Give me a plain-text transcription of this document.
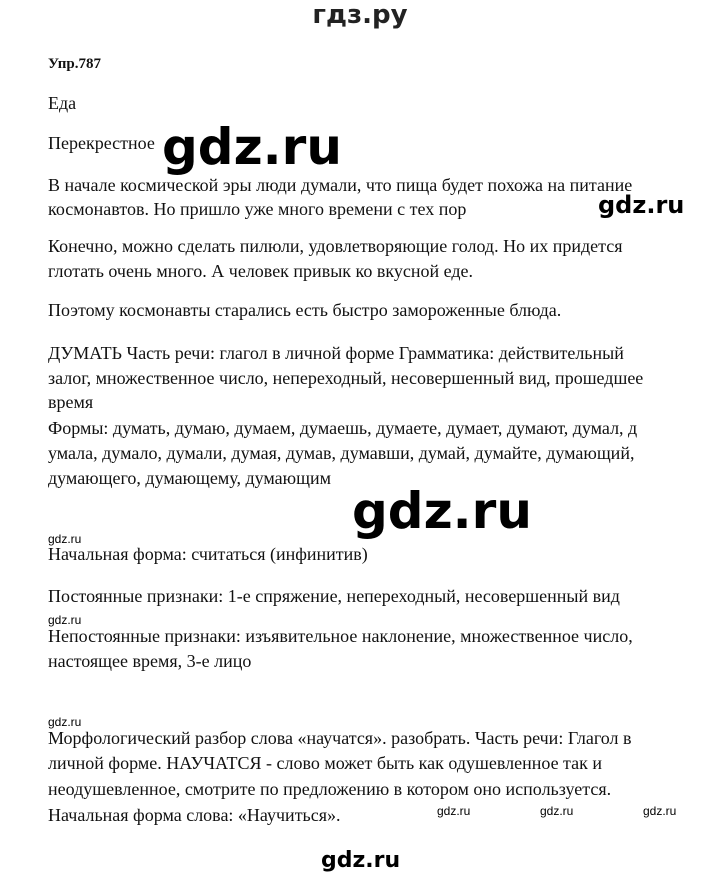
гдз.ру
Упр.787

Еда

Перекрестное

В начале космической эры люди думали, что пища будет похожа на питание

космонавтов. Но пришло уже много времени с тех пор

Конечно, можно сделать пилюли, удовлетворяющие голод. Но их придется

глотать очень много. А человек привык ко вкусной еде.

Поэтому космонавты старались есть быстро замороженные блюда.

ДУМАТЬ Часть речи: глагол в личной форме Грамматика: действительный

залог, множественное число, непереходный, несовершенный вид, прошедшее

время

Формы: думать, думаю, думаем, думаешь, думаете, думает, думают, думал, д

умала, думало, думали, думая, думав, думавши, думай, думайте, думающий,

думающего, думающему, думающим

Начальная форма: считаться (инфинитив)

Постоянные признаки: 1-е спряжение, непереходный, несовершенный вид

Непостоянные признаки: изъявительное наклонение, множественное число,

настоящее время, 3-е лицо

Морфологический разбор слова «научатся». разобрать. Часть речи: Глагол в

личной форме. НАУЧАТСЯ - слово может быть как одушевленное так и

неодушевленное, смотрите по предложению в котором оно используется.

Начальная форма слова: «Научиться».

gdz.ru
gdz.ru
gdz.ru
gdz.ru
gdz.ru
gdz.ru
gdz.ru	gdz.ru	gdz.ru
gdz.ru
